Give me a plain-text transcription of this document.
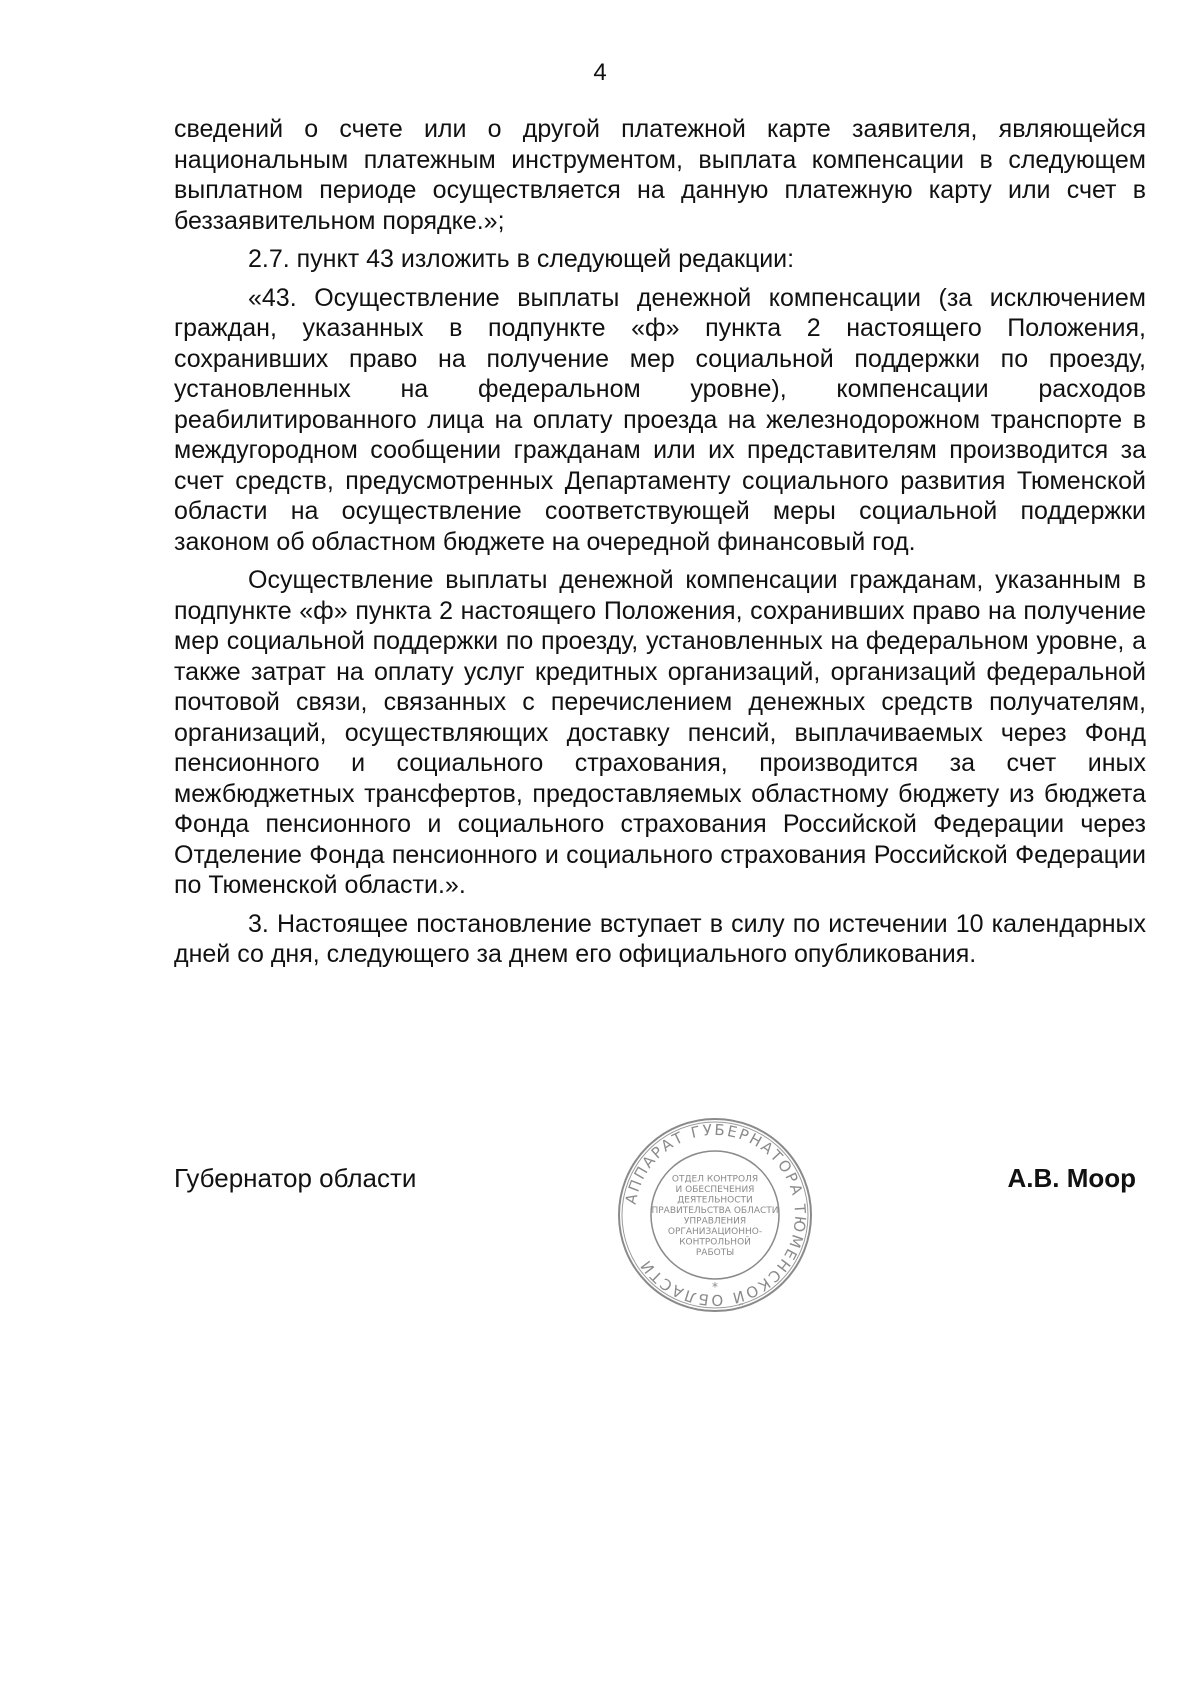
4

сведений о счете или о другой платежной карте заявителя, являющейся национальным платежным инструментом, выплата компенсации в следующем выплатном периоде осуществляется на данную платежную карту или счет в беззаявительном порядке.»;

2.7. пункт 43 изложить в следующей редакции:

«43. Осуществление выплаты денежной компенсации (за исключением граждан, указанных в подпункте «ф» пункта 2 настоящего Положения, сохранивших право на получение мер социальной поддержки по проезду, установленных на федеральном уровне), компенсации расходов реабилитированного лица на оплату проезда на железнодорожном транспорте в междугородном сообщении гражданам или их представителям производится за счет средств, предусмотренных Департаменту социального развития Тюменской области на осуществление соответствующей меры социальной поддержки законом об областном бюджете на очередной финансовый год.

Осуществление выплаты денежной компенсации гражданам, указанным в подпункте «ф» пункта 2 настоящего Положения, сохранивших право на получение мер социальной поддержки по проезду, установленных на федеральном уровне, а также затрат на оплату услуг кредитных организаций, организаций федеральной почтовой связи, связанных с перечислением денежных средств получателям, организаций, осуществляющих доставку пенсий, выплачиваемых через Фонд пенсионного и социального страхования, производится за счет иных межбюджетных трансфертов, предоставляемых областному бюджету из бюджета Фонда пенсионного и социального страхования Российской Федерации через Отделение Фонда пенсионного и социального страхования Российской Федерации по Тюменской области.».

3. Настоящее постановление вступает в силу по истечении 10 календарных дней со дня, следующего за днем его официального опубликования.

Губернатор области	А.В. Моор
АППАРАТ ГУБЕРНАТОРА ТЮМЕНСКОЙ ОБЛАСТИ
ОТДЕЛ КОНТРОЛЯ
И ОБЕСПЕЧЕНИЯ
ДЕЯТЕЛЬНОСТИ
ПРАВИТЕЛЬСТВА ОБЛАСТИ
УПРАВЛЕНИЯ
ОРГАНИЗАЦИОННО-
КОНТРОЛЬНОЙ
РАБОТЫ
*
